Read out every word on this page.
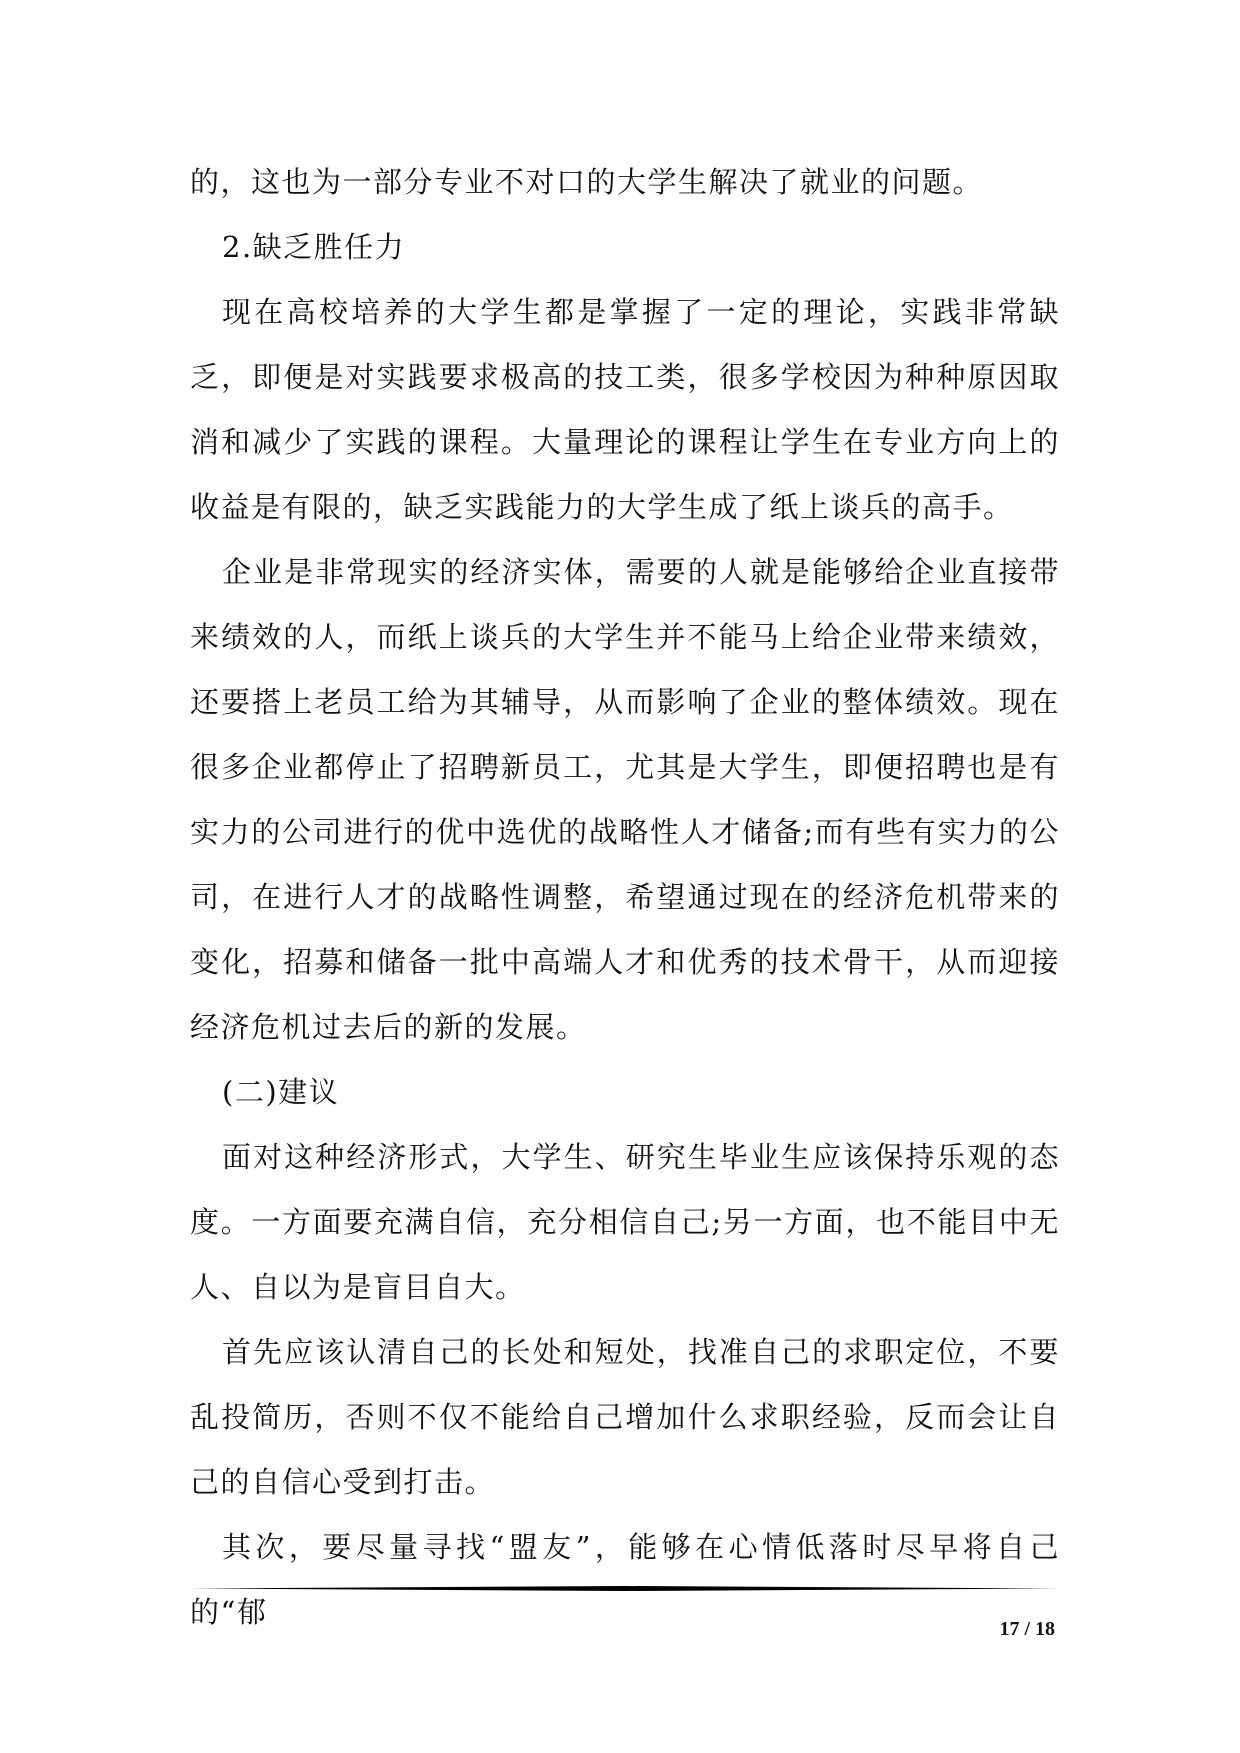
的，这也为一部分专业不对口的大学生解决了就业的问题。

2.缺乏胜任力

现在高校培养的大学生都是掌握了一定的理论，实践非常缺乏，即便是对实践要求极高的技工类，很多学校因为种种原因取消和减少了实践的课程。大量理论的课程让学生在专业方向上的收益是有限的，缺乏实践能力的大学生成了纸上谈兵的高手。

企业是非常现实的经济实体，需要的人就是能够给企业直接带来绩效的人，而纸上谈兵的大学生并不能马上给企业带来绩效，还要搭上老员工给为其辅导，从而影响了企业的整体绩效。现在很多企业都停止了招聘新员工，尤其是大学生，即便招聘也是有实力的公司进行的优中选优的战略性人才储备;而有些有实力的公司，在进行人才的战略性调整，希望通过现在的经济危机带来的变化，招募和储备一批中高端人才和优秀的技术骨干，从而迎接经济危机过去后的新的发展。

(二)建议

面对这种经济形式，大学生、研究生毕业生应该保持乐观的态度。一方面要充满自信，充分相信自己;另一方面，也不能目中无人、自以为是盲目自大。

首先应该认清自己的长处和短处，找准自己的求职定位，不要乱投简历，否则不仅不能给自己增加什么求职经验，反而会让自己的自信心受到打击。

其次，要尽量寻找“盟友”，能够在心情低落时尽早将自己的“郁	17 / 18
